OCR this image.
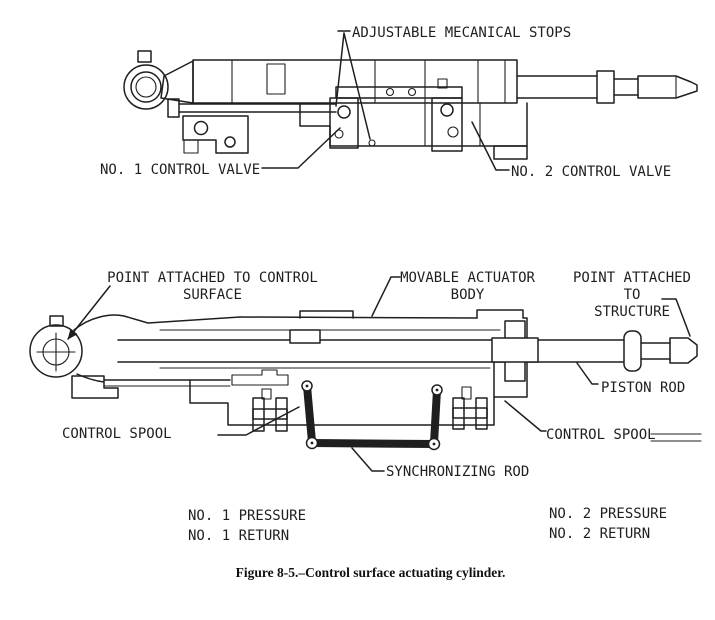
ADJUSTABLE MECANICAL STOPS
NO. 1 CONTROL VALVE	NO. 2 CONTROL VALVE
POINT ATTACHED TO CONTROL
SURFACE
MOVABLE ACTUATOR
BODY
POINT ATTACHED TO
STRUCTURE
PISTON ROD
CONTROL SPOOL	CONTROL SPOOL
SYNCHRONIZING ROD
NO. 1 PRESSURE
NO. 1 RETURN
NO. 2 PRESSURE
NO. 2 RETURN
Figure 8-5.–Control surface actuating cylinder.
